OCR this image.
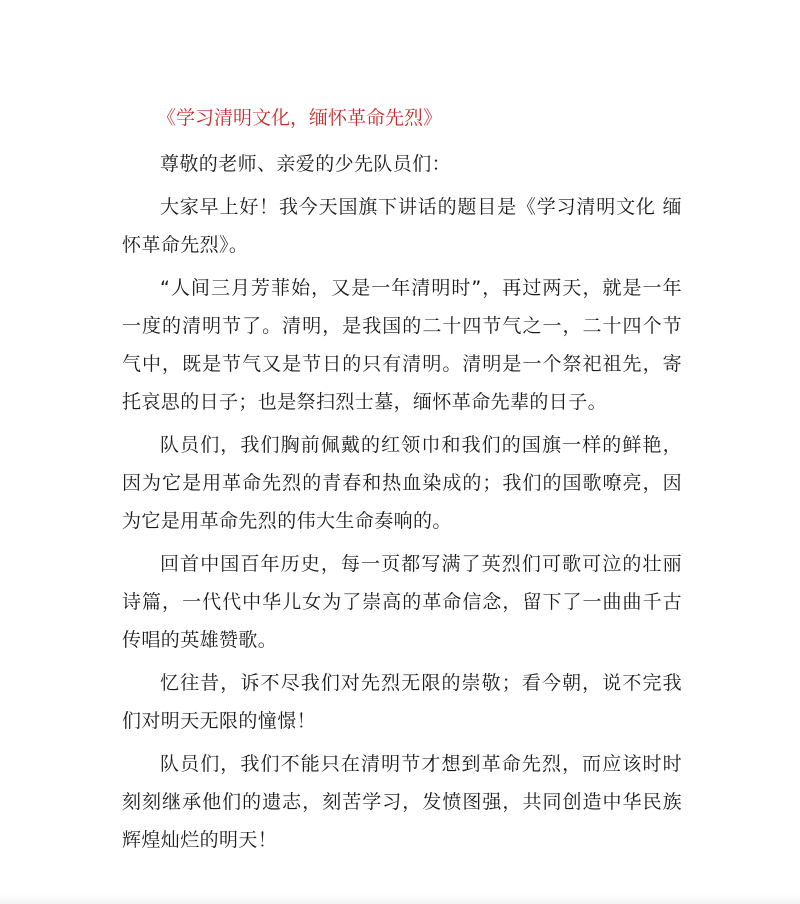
《学习清明文化，缅怀革命先烈》

尊敬的老师、亲爱的少先队员们：

大家早上好！我今天国旗下讲话的题目是《学习清明文化 缅怀革命先烈》。

“人间三月芳菲始，又是一年清明时”，再过两天，就是一年一度的清明节了。清明，是我国的二十四节气之一，二十四个节气中，既是节气又是节日的只有清明。清明是一个祭祀祖先，寄托哀思的日子；也是祭扫烈士墓，缅怀革命先辈的日子。

队员们，我们胸前佩戴的红领巾和我们的国旗一样的鲜艳，因为它是用革命先烈的青春和热血染成的；我们的国歌嘹亮，因为它是用革命先烈的伟大生命奏响的。

回首中国百年历史，每一页都写满了英烈们可歌可泣的壮丽诗篇，一代代中华儿女为了崇高的革命信念，留下了一曲曲千古传唱的英雄赞歌。

忆往昔，诉不尽我们对先烈无限的崇敬；看今朝，说不完我们对明天无限的憧憬！

队员们，我们不能只在清明节才想到革命先烈，而应该时时刻刻继承他们的遗志，刻苦学习，发愤图强，共同创造中华民族辉煌灿烂的明天！
